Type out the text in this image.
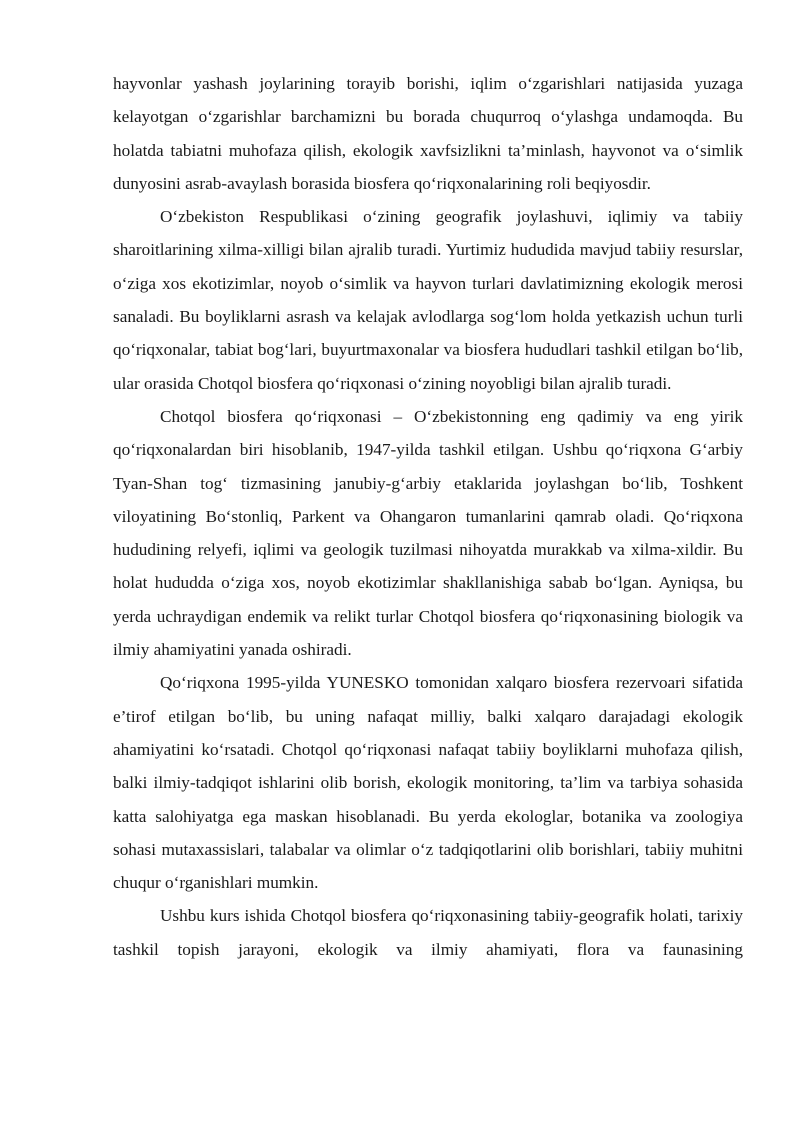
hayvonlar yashash joylarining torayib borishi, iqlim o‘zgarishlari natijasida yuzaga kelayotgan o‘zgarishlar barchamizni bu borada chuqurroq o‘ylashga undamoqda. Bu holatda tabiatni muhofaza qilish, ekologik xavfsizlikni ta’minlash, hayvonot va o‘simlik dunyosini asrab-avaylash borasida biosfera qo‘riqxonalarining roli beqiyosdir.

O‘zbekiston Respublikasi o‘zining geografik joylashuvi, iqlimiy va tabiiy sharoitlarining xilma-xilligi bilan ajralib turadi. Yurtimiz hududida mavjud tabiiy resurslar, o‘ziga xos ekotizimlar, noyob o‘simlik va hayvon turlari davlatimizning ekologik merosi sanaladi. Bu boyliklarni asrash va kelajak avlodlarga sog‘lom holda yetkazish uchun turli qo‘riqxonalar, tabiat bog‘lari, buyurtmaxonalar va biosfera hududlari tashkil etilgan bo‘lib, ular orasida Chotqol biosfera qo‘riqxonasi o‘zining noyobligi bilan ajralib turadi.

Chotqol biosfera qo‘riqxonasi – O‘zbekistonning eng qadimiy va eng yirik qo‘riqxonalardan biri hisoblanib, 1947-yilda tashkil etilgan. Ushbu qo‘riqxona G‘arbiy Tyan-Shan tog‘ tizmasining janubiy-g‘arbiy etaklarida joylashgan bo‘lib, Toshkent viloyatining Bo‘stonliq, Parkent va Ohangaron tumanlarini qamrab oladi. Qo‘riqxona hududining relyefi, iqlimi va geologik tuzilmasi nihoyatda murakkab va xilma-xildir. Bu holat hududda o‘ziga xos, noyob ekotizimlar shakllanishiga sabab bo‘lgan. Ayniqsa, bu yerda uchraydigan endemik va relikt turlar Chotqol biosfera qo‘riqxonasining biologik va ilmiy ahamiyatini yanada oshiradi.

Qo‘riqxona 1995-yilda YUNESKO tomonidan xalqaro biosfera rezervoari sifatida e’tirof etilgan bo‘lib, bu uning nafaqat milliy, balki xalqaro darajadagi ekologik ahamiyatini ko‘rsatadi. Chotqol qo‘riqxonasi nafaqat tabiiy boyliklarni muhofaza qilish, balki ilmiy-tadqiqot ishlarini olib borish, ekologik monitoring, ta’lim va tarbiya sohasida katta salohiyatga ega maskan hisoblanadi. Bu yerda ekologlar, botanika va zoologiya sohasi mutaxassislari, talabalar va olimlar o‘z tadqiqotlarini olib borishlari, tabiiy muhitni chuqur o‘rganishlari mumkin.

Ushbu kurs ishida Chotqol biosfera qo‘riqxonasining tabiiy-geografik holati, tarixiy tashkil topish jarayoni, ekologik va ilmiy ahamiyati, flora va faunasining
